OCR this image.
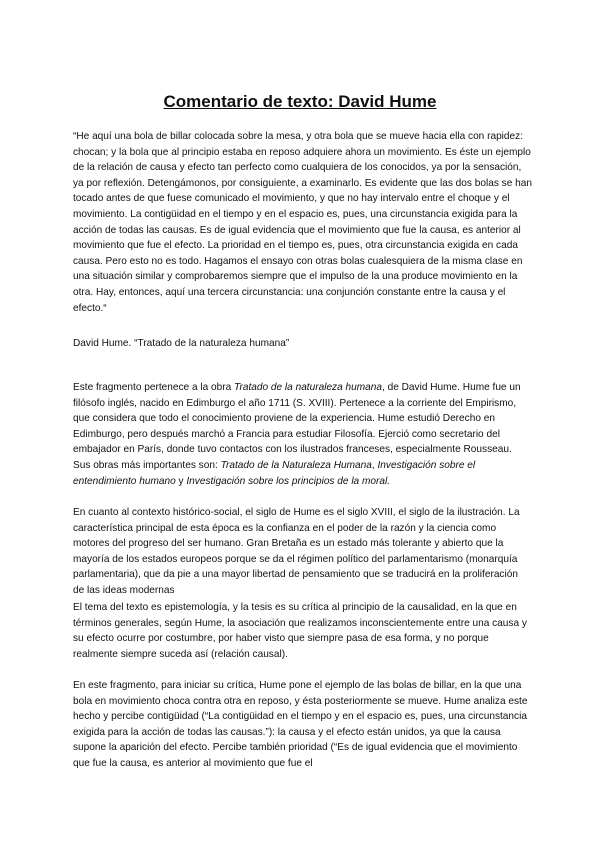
Comentario de texto: David Hume

“He aquí una bola de billar colocada sobre la mesa, y otra bola que se mueve hacia ella con rapidez: chocan; y la bola que al principio estaba en reposo adquiere ahora un movimiento. Es éste un ejemplo de la relación de causa y efecto tan perfecto como cualquiera de los conocidos, ya por la sensación, ya por reflexión. Detengámonos, por consiguiente, a examinarlo. Es evidente que las dos bolas se han tocado antes de que fuese comunicado el movimiento, y que no hay intervalo entre el choque y el movimiento. La contigüidad en el tiempo y en el espacio es, pues, una circunstancia exigida para la acción de todas las causas. Es de igual evidencia que el movimiento que fue la causa, es anterior al movimiento que fue el efecto. La prioridad en el tiempo es, pues, otra circunstancia exigida en cada causa. Pero esto no es todo. Hagamos el ensayo con otras bolas cualesquiera de la misma clase en una situación similar y comprobaremos siempre que el impulso de la una produce movimiento en la otra. Hay, entonces, aquí una tercera circunstancia: una conjunción constante entre la causa y el efecto.“

David Hume. “Tratado de la naturaleza humana”

Este fragmento pertenece a la obra Tratado de la naturaleza humana, de David Hume. Hume fue un filósofo inglés, nacido en Edimburgo el año 1711 (S. XVIII). Pertenece a la corriente del Empirismo, que considera que todo el conocimiento proviene de la experiencia. Hume estudió Derecho en Edimburgo, pero después marchó a Francia para estudiar Filosofía. Ejerció como secretario del embajador en París, donde tuvo contactos con los ilustrados franceses, especialmente Rousseau. Sus obras más importantes son: Tratado de la Naturaleza Humana, Investigación sobre el entendimiento humano y Investigación sobre los principios de la moral.

En cuanto al contexto histórico-social, el siglo de Hume es el siglo XVIII, el siglo de la ilustración. La característica principal de esta época es la confianza en el poder de la razón y la ciencia como motores del progreso del ser humano. Gran Bretaña es un estado más tolerante y abierto que la mayoría de los estados europeos porque se da el régimen político del parlamentarismo (monarquía parlamentaria), que da pie a una mayor libertad de pensamiento que se traducirá en la proliferación de las ideas modernas

El tema del texto es epistemología, y la tesis es su crítica al principio de la causalidad, en la que en términos generales, según Hume, la asociación que realizamos inconscientemente entre una causa y su efecto ocurre por costumbre, por haber visto que siempre pasa de esa forma, y no porque realmente siempre suceda así (relación causal).

En este fragmento, para iniciar su crítica, Hume pone el ejemplo de las bolas de billar, en la que una bola en movimiento choca contra otra en reposo, y ésta posteriormente se mueve. Hume analiza este hecho y percibe contigüidad (“La contigüidad en el tiempo y en el espacio es, pues, una circunstancia exigida para la acción de todas las causas.”): la causa y el efecto están unidos, ya que la causa supone la aparición del efecto. Percibe también prioridad (“Es de igual evidencia que el movimiento que fue la causa, es anterior al movimiento que fue el
